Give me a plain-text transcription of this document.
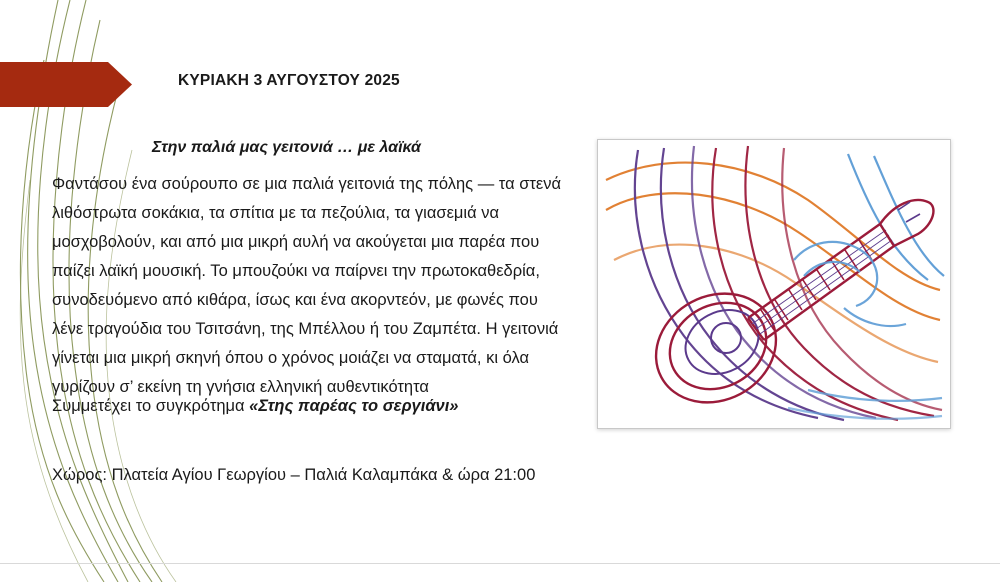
ΚΥΡΙΑΚΗ 3 ΑΥΓΟΥΣΤΟΥ 2025
Στην παλιά μας γειτονιά … με λαϊκά
Φαντάσου ένα σούρουπο σε μια παλιά γειτονιά της πόλης — τα στενά λιθόστρωτα σοκάκια, τα σπίτια με τα πεζούλια, τα γιασεμιά να μοσχοβολούν, και από μια μικρή αυλή να ακούγεται μια παρέα που παίζει λαϊκή μουσική. Το μπουζούκι να παίρνει την πρωτοκαθεδρία, συνοδευόμενο από κιθάρα, ίσως και ένα ακορντεόν, με φωνές που λένε τραγούδια του Τσιτσάνη, της Μπέλλου ή του Ζαμπέτα. Η γειτονιά γίνεται μια μικρή σκηνή όπου ο χρόνος μοιάζει να σταματά, κι όλα γυρίζουν σ’ εκείνη τη γνήσια ελληνική αυθεντικότητα
Συμμετέχει το συγκρότημα «Στης παρέας το σεργιάνι»
Χώρος: Πλατεία Αγίου Γεωργίου – Παλιά Καλαμπάκα & ώρα 21:00
